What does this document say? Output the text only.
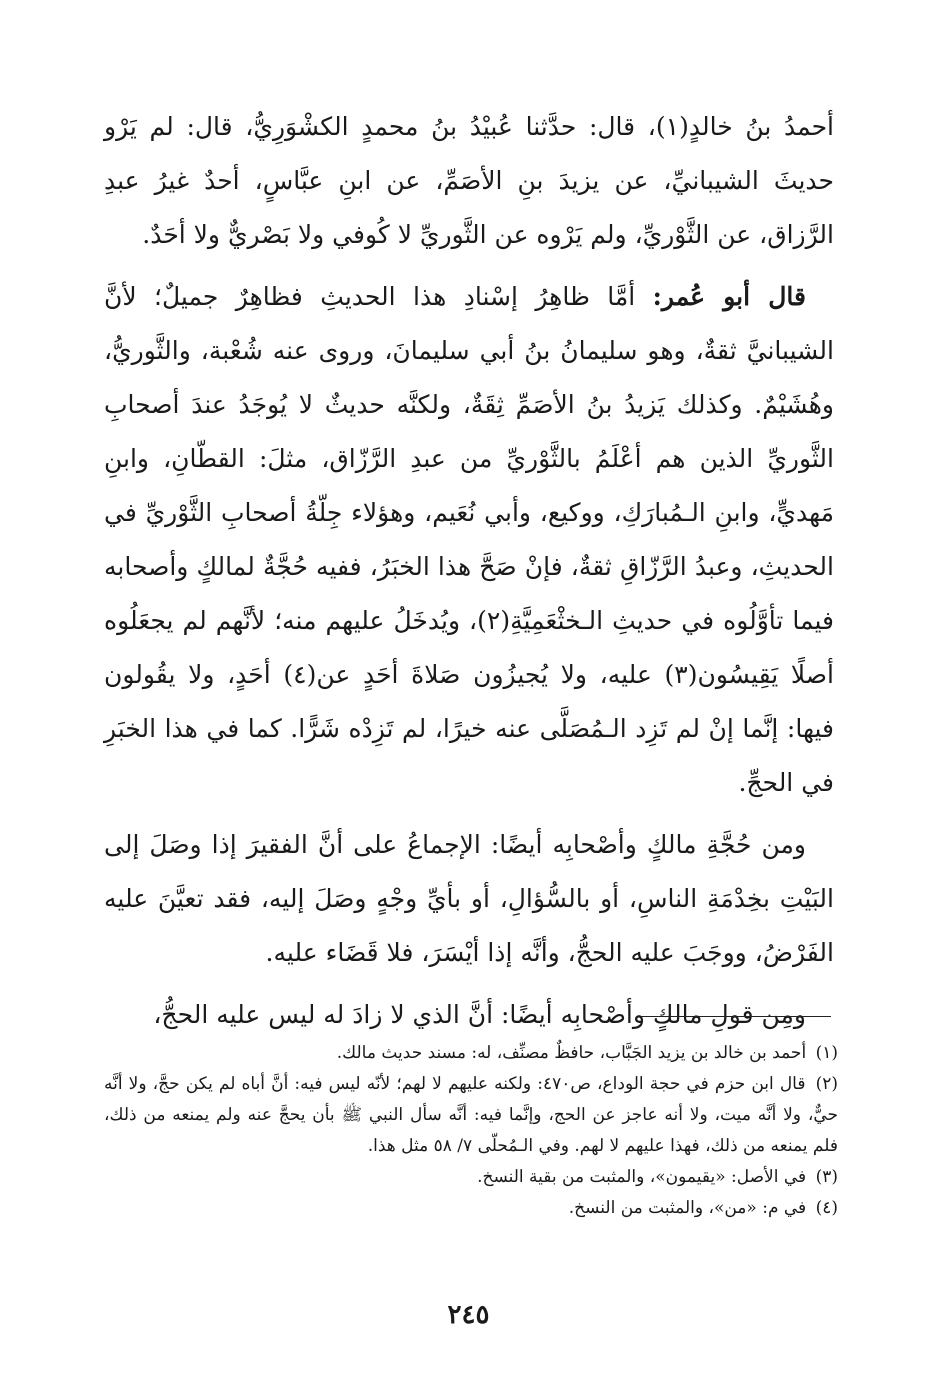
أحمدُ بنُ خالدٍ(١)، قال: حدَّثنا عُبيْدُ بنُ محمدٍ الكشْوَرِيُّ، قال: لم يَرْو حديثَ الشيبانيِّ، عن يزيدَ بنِ الأصَمِّ، عن ابنِ عبَّاسٍ، أحدٌ غيرُ عبدِ الرَّزاق، عن الثَّوْريِّ، ولم يَرْوه عن الثَّوريِّ لا كُوفي ولا بَصْريٌّ ولا أحَدٌ.

قال أبو عُمر: أمَّا ظاهِرُ إسْنادِ هذا الحديثِ فظاهِرٌ جميلٌ؛ لأنَّ الشيبانيَّ ثقةٌ، وهو سليمانُ بنُ أبي سليمانَ، وروى عنه شُعْبة، والثَّوريُّ، وهُشَيْمٌ. وكذلك يَزيدُ بنُ الأصَمِّ ثِقَةٌ، ولكنَّه حديثٌ لا يُوجَدُ عندَ أصحابِ الثَّوريِّ الذين هم أعْلَمُ بالثَّوْريِّ من عبدِ الرَّزّاق، مثلَ: القطّانِ، وابنِ مَهديٍّ، وابنِ الـمُبارَكِ، ووكيع، وأبي نُعَيم، وهؤلاء جِلّةُ أصحابِ الثَّوْريِّ في الحديثِ، وعبدُ الرَّزّاقِ ثقةٌ، فإنْ صَحَّ هذا الخبَرُ، ففيه حُجَّةٌ لمالكٍ وأصحابه فيما تأوَّلُوه في حديثِ الـخثْعَمِيَّةِ(٢)، ويُدخَلُ عليهم منه؛ لأنَّهم لم يجعَلُوه أصلًا يَقِيسُون(٣) عليه، ولا يُجيزُون صَلاةَ أحَدٍ عن(٤) أحَدٍ، ولا يقُولون فيها: إنَّما إنْ لم تَزِد الـمُصَلَّى عنه خيرًا، لم تَزِدْه شَرًّا. كما في هذا الخبَرِ في الحجِّ.

ومن حُجَّةِ مالكٍ وأصْحابِه أيضًا: الإجماعُ على أنَّ الفقيرَ إذا وصَلَ إلى البَيْتِ بخِدْمَةِ الناسِ، أو بالسُّؤالِ، أو بأيِّ وجْهٍ وصَلَ إليه، فقد تعيَّنَ عليه الفَرْضُ، ووجَبَ عليه الحجُّ، وأنَّه إذا أيْسَرَ، فلا قَضَاء عليه.

ومِن قولِ مالكٍ وأصْحابِه أيضًا: أنَّ الذي لا زادَ له ليس عليه الحجُّ،

(١) أحمد بن خالد بن يزيد الجَبَّاب، حافظٌ مصنِّف، له: مسند حديث مالك.
(٢) قال ابن حزم في حجة الوداع، ص٤٧٠: ولكنه عليهم لا لهم؛ لأنّه ليس فيه: أنَّ أباه لم يكن حجَّ، ولا أنَّه حيٌّ، ولا أنَّه ميت، ولا أنه عاجز عن الحج، وإنَّما فيه: أنَّه سأل النبي ﷺ بأن يحجَّ عنه ولم يمنعه من ذلك، فلم يمنعه من ذلك، فهذا عليهم لا لهم. وفي الـمُحلّى ٧/ ٥٨ مثل هذا.
(٣) في الأصل: «يقيمون»، والمثبت من بقية النسخ.
(٤) في م: «من»، والمثبت من النسخ.
٢٤٥
